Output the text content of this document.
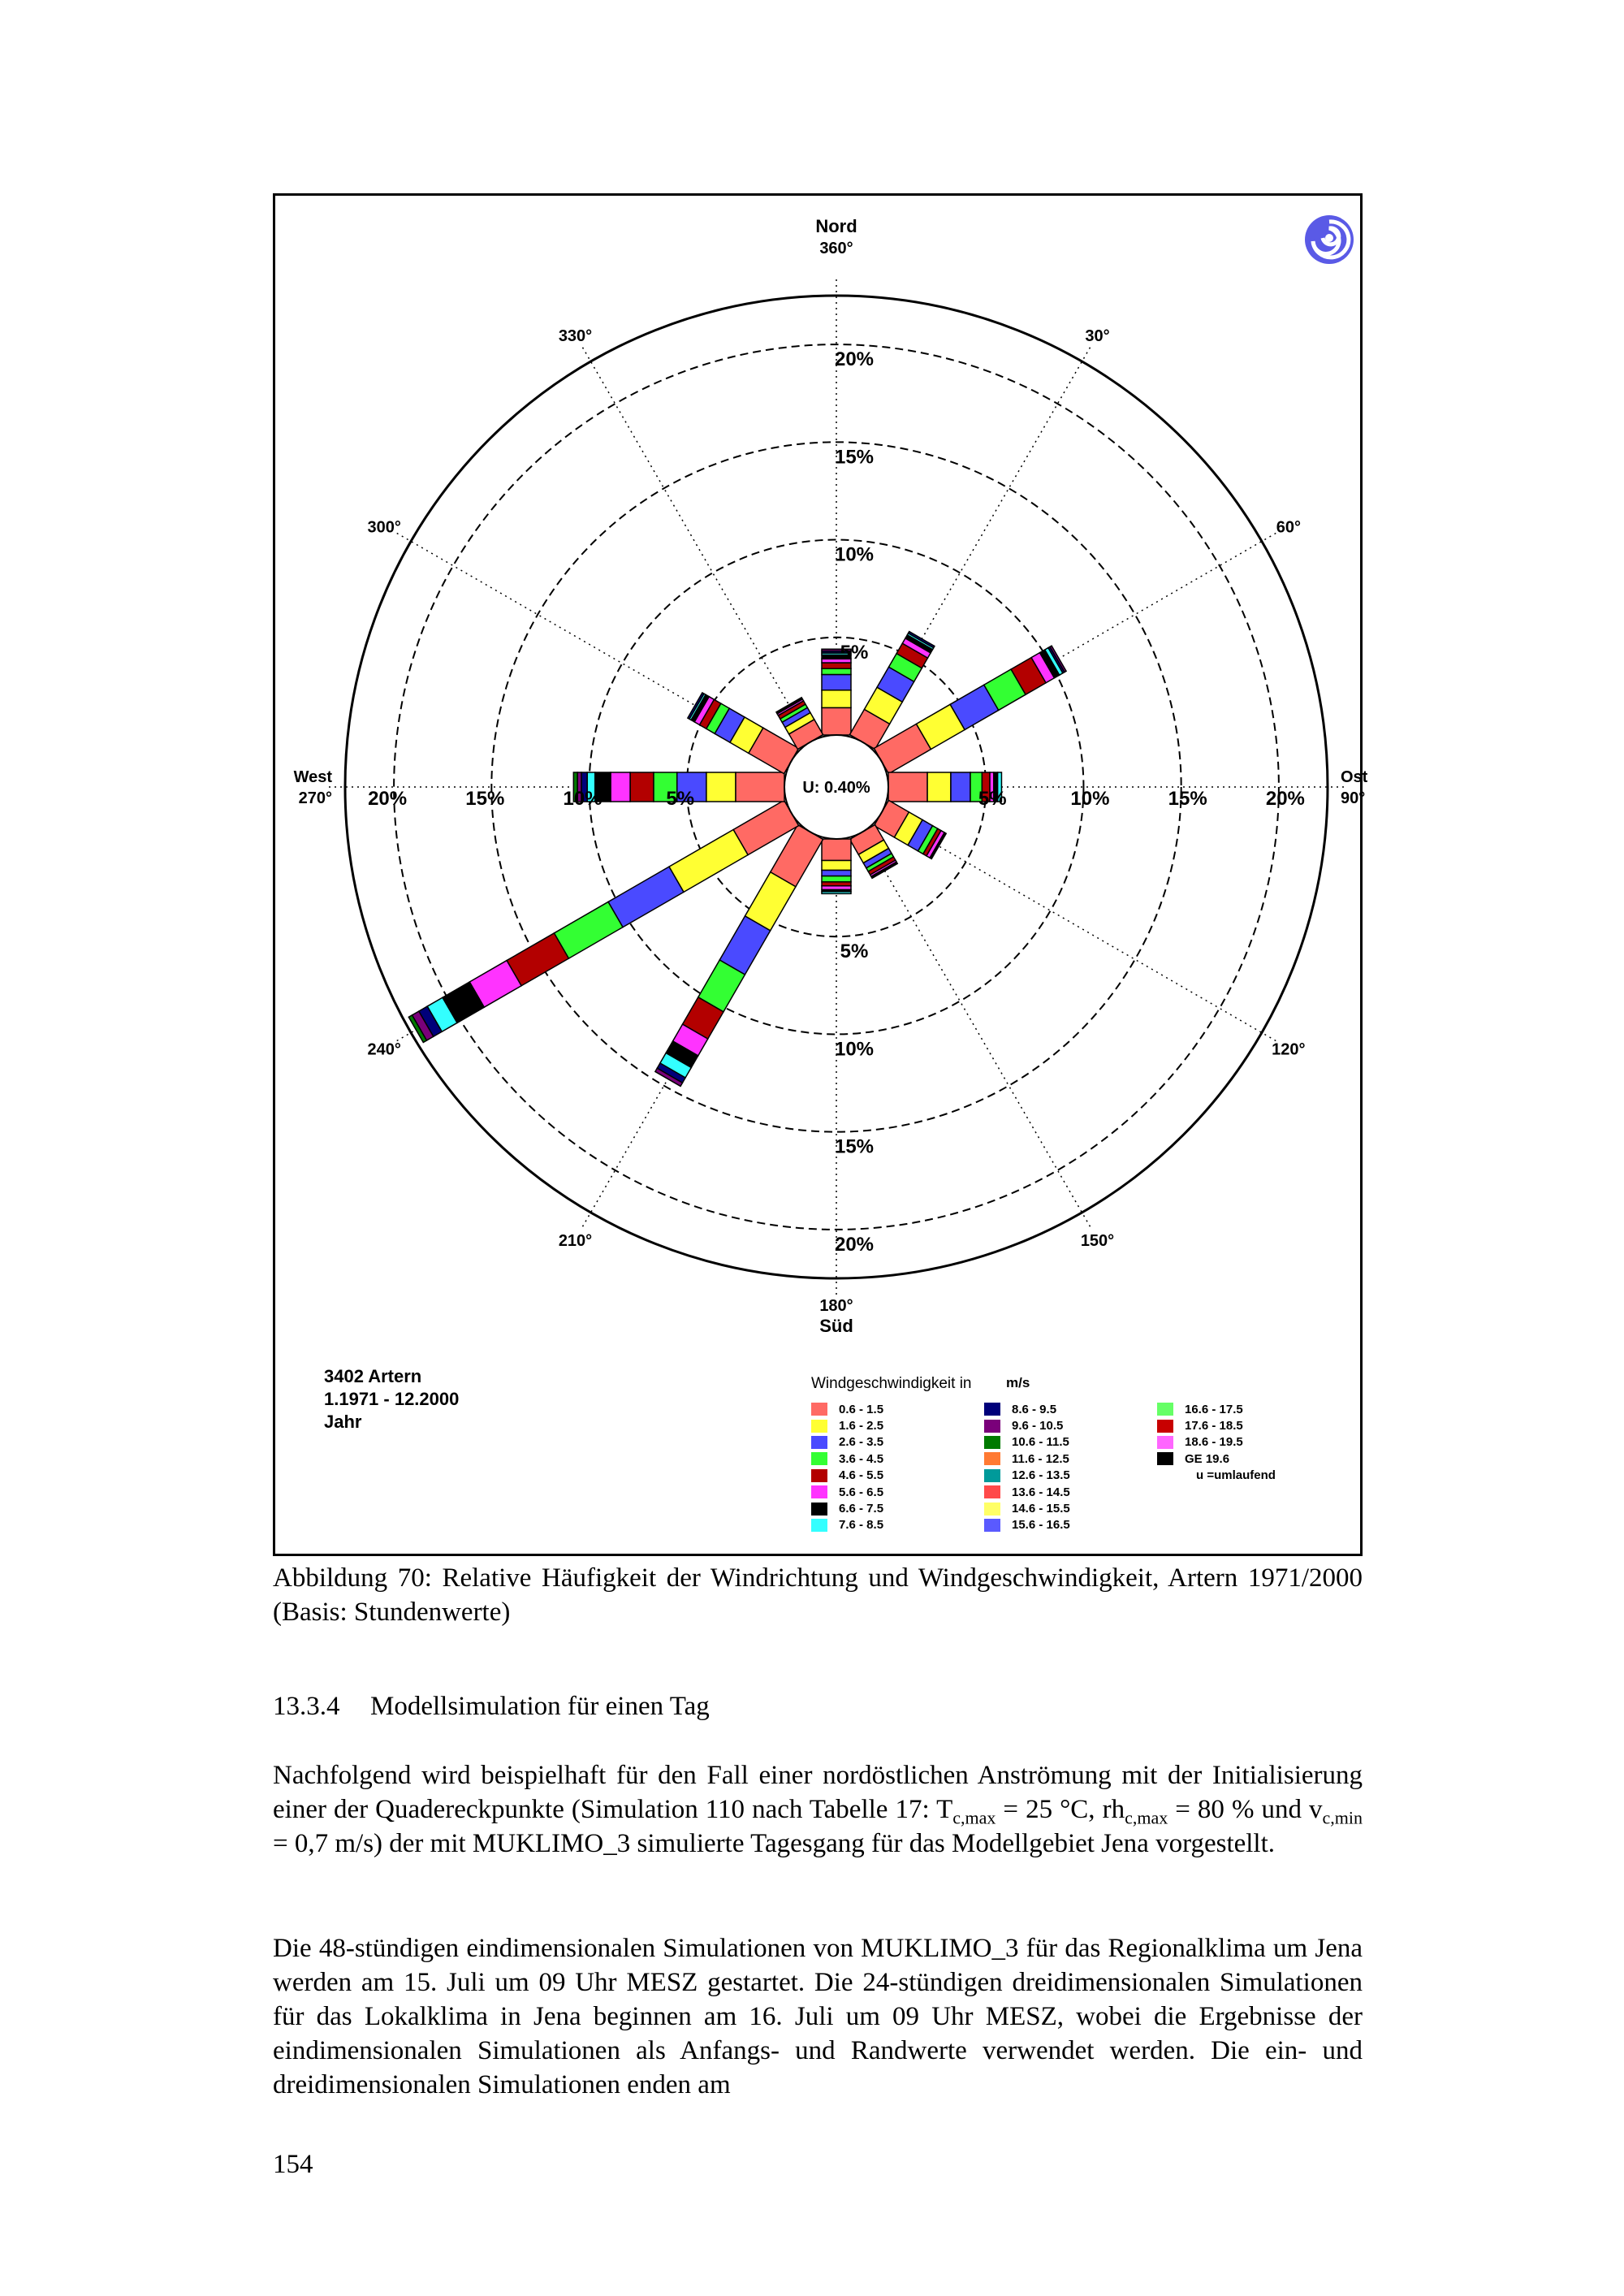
U: 0.40%
Nord
360°
30°
60°
Ost
90°
120°
150°
180°
Süd
210°
240°
West
270°
300°
330°
5%
5%
5%
5%
10%
10%
10%
10%
15%
15%
15%
15%
20%
20%
20%
20%
3402 Artern
1.1971 - 12.2000
Jahr
Windgeschwindigkeit in	m/s
0.6 - 1.5
1.6 - 2.5
2.6 - 3.5
3.6 - 4.5
4.6 - 5.5
5.6 - 6.5
6.6 - 7.5
7.6 - 8.5
8.6 - 9.5
9.6 - 10.5
10.6 - 11.5
11.6 - 12.5
12.6 - 13.5
13.6 - 14.5
14.6 - 15.5
15.6 - 16.5
16.6 - 17.5
17.6 - 18.5
18.6 - 19.5
GE 19.6
u =umlaufend
Abbildung 70: Relative Häufigkeit der Windrichtung und Windgeschwindigkeit, Artern 1971/2000 (Basis: Stundenwerte)
13.3.4 Modellsimulation für einen Tag
Nachfolgend wird beispielhaft für den Fall einer nordöstlichen Anströmung mit der Initialisierung einer der Quadereckpunkte (Simulation 110 nach Tabelle 17: $T_{c,max} = 25$ °C, $rh_{c,max} = 80$ % und $v_{c,min} = 0,7$ m/s) der mit MUKLIMO_3 simulierte Tagesgang für das Modellgebiet Jena vorgestellt.
Die 48-stündigen eindimensionalen Simulationen von MUKLIMO_3 für das Regionalklima um Jena werden am 15. Juli um 09 Uhr MESZ gestartet. Die 24-stündigen dreidimensionalen Simulationen für das Lokalklima in Jena beginnen am 16. Juli um 09 Uhr MESZ, wobei die Ergebnisse der eindimensionalen Simulationen als Anfangs- und Randwerte verwendet werden. Die ein- und dreidimensionalen Simulationen enden am
154
